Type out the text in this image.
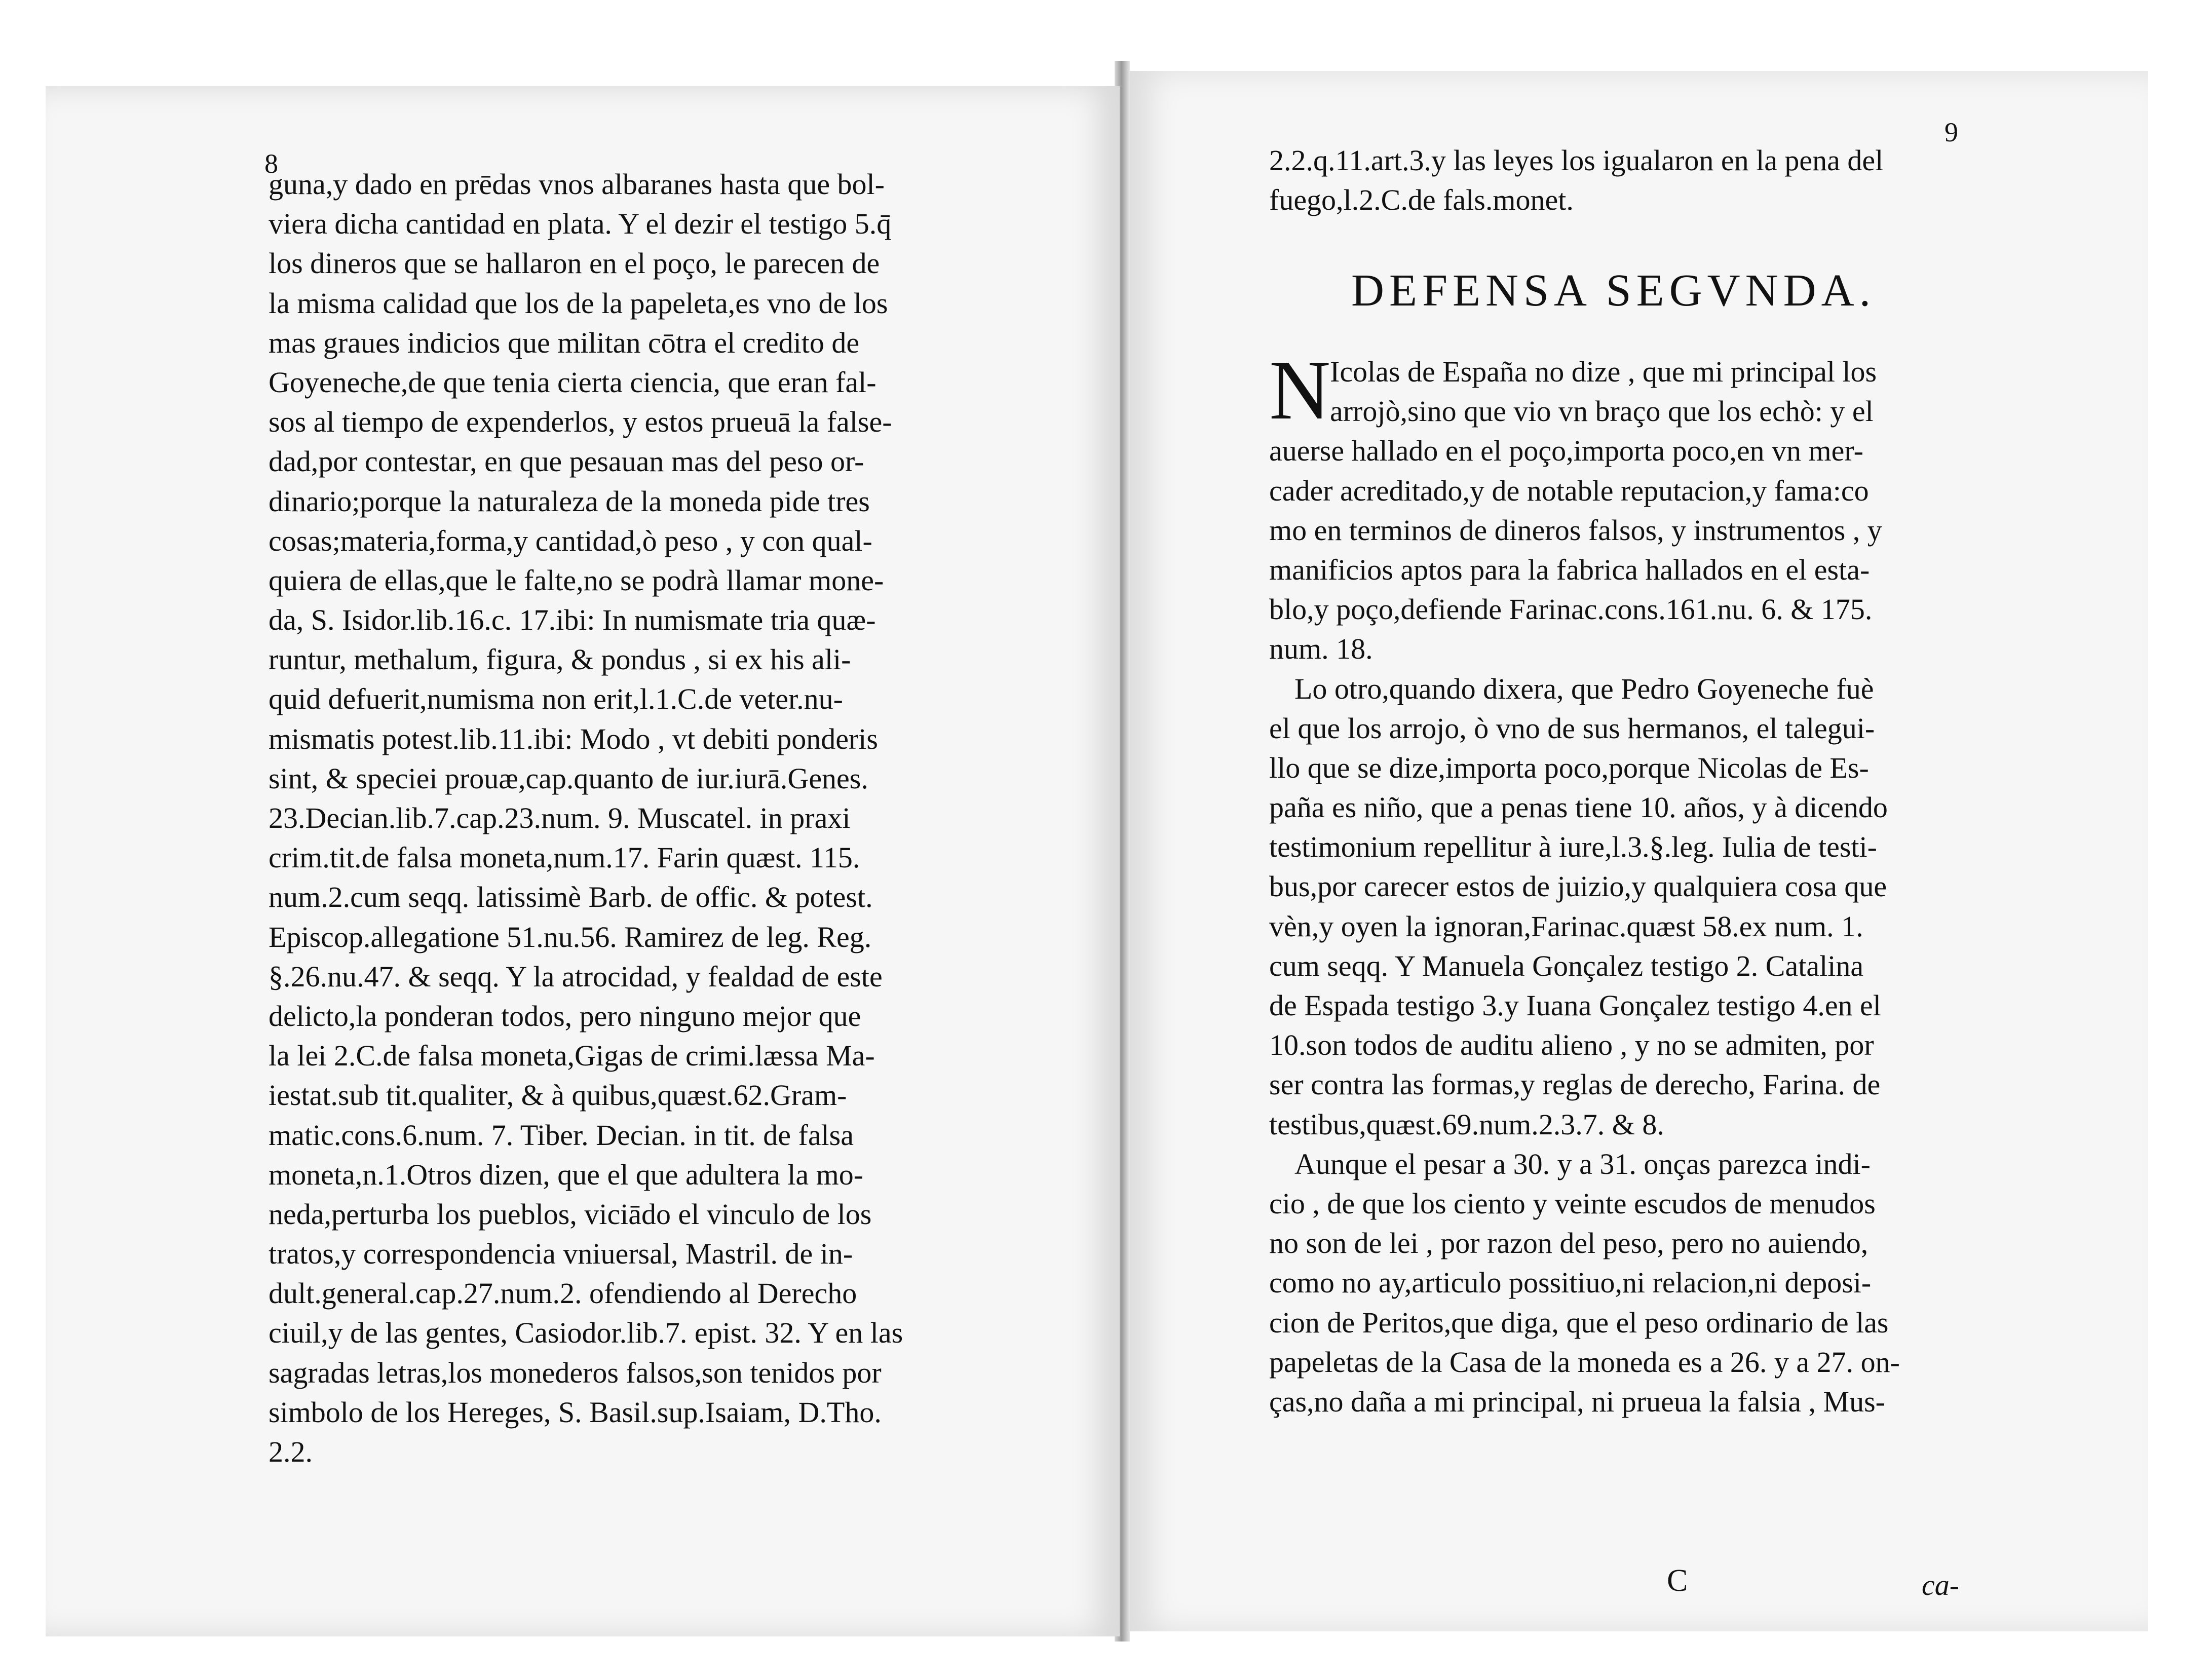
8
guna,y dado en prēdas vnos albaranes hasta que bol-
viera dicha cantidad en plata. Y el dezir el testigo 5.q̄
los dineros que se hallaron en el poço, le parecen de
la misma calidad que los de la papeleta,es vno de los
mas graues indicios que militan cōtra el credito de
Goyeneche,de que tenia cierta ciencia, que eran fal-
sos al tiempo de expenderlos, y estos prueuā la false-
dad,por contestar, en que pesauan mas del peso or-
dinario;porque la naturaleza de la moneda pide tres
cosas;materia,forma,y cantidad,ò peso , y con qual-
quiera de ellas,que le falte,no se podrà llamar mone-
da, S. Isidor.lib.16.c. 17.ibi: In numismate tria quæ-
runtur, methalum, figura, & pondus , si ex his ali-
quid defuerit,numisma non erit,l.1.C.de veter.nu-
mismatis potest.lib.11.ibi: Modo , vt debiti ponderis
sint, & speciei prouæ,cap.quanto de iur.iurā.Genes.
23.Decian.lib.7.cap.23.num. 9. Muscatel. in praxi
crim.tit.de falsa moneta,num.17. Farin quæst. 115.
num.2.cum seqq. latissimè Barb. de offic. & potest.
Episcop.allegatione 51.nu.56. Ramirez de leg. Reg.
§.26.nu.47. & seqq. Y la atrocidad, y fealdad de este
delicto,la ponderan todos, pero ninguno mejor que
la lei 2.C.de falsa moneta,Gigas de crimi.læssa Ma-
iestat.sub tit.qualiter, & à quibus,quæst.62.Gram-
matic.cons.6.num. 7. Tiber. Decian. in tit. de falsa
moneta,n.1.Otros dizen, que el que adultera la mo-
neda,perturba los pueblos, viciādo el vinculo de los
tratos,y correspondencia vniuersal, Mastril. de in-
dult.general.cap.27.num.2. ofendiendo al Derecho
ciuil,y de las gentes, Casiodor.lib.7. epist. 32. Y en las
sagradas letras,los monederos falsos,son tenidos por
simbolo de los Hereges, S. Basil.sup.Isaiam, D.Tho.
2.2.
9
2.2.q.11.art.3.y las leyes los igualaron en la pena del
fuego,l.2.C.de fals.monet.
DEFENSA SEGVNDA.
N
Icolas de España no dize , que mi principal los
arrojò,sino que vio vn braço que los echò: y el
auerse hallado en el poço,importa poco,en vn mer-
cader acreditado,y de notable reputacion,y fama:co
mo en terminos de dineros falsos, y instrumentos , y
manificios aptos para la fabrica hallados en el esta-
blo,y poço,defiende Farinac.cons.161.nu. 6. & 175.
num. 18.
Lo otro,quando dixera, que Pedro Goyeneche fuè
el que los arrojo, ò vno de sus hermanos, el talegui-
llo que se dize,importa poco,porque Nicolas de Es-
paña es niño, que a penas tiene 10. años, y à dicendo
testimonium repellitur à iure,l.3.§.leg. Iulia de testi-
bus,por carecer estos de juizio,y qualquiera cosa que
vèn,y oyen la ignoran,Farinac.quæst 58.ex num. 1.
cum seqq. Y Manuela Gonçalez testigo 2. Catalina
de Espada testigo 3.y Iuana Gonçalez testigo 4.en el
10.son todos de auditu alieno , y no se admiten, por
ser contra las formas,y reglas de derecho, Farina. de
testibus,quæst.69.num.2.3.7. & 8.
Aunque el pesar a 30. y a 31. onças parezca indi-
cio , de que los ciento y veinte escudos de menudos
no son de lei , por razon del peso, pero no auiendo,
como no ay,articulo possitiuo,ni relacion,ni deposi-
cion de Peritos,que diga, que el peso ordinario de las
papeletas de la Casa de la moneda es a 26. y a 27. on-
ças,no daña a mi principal, ni prueua la falsia , Mus-
C	ca-
